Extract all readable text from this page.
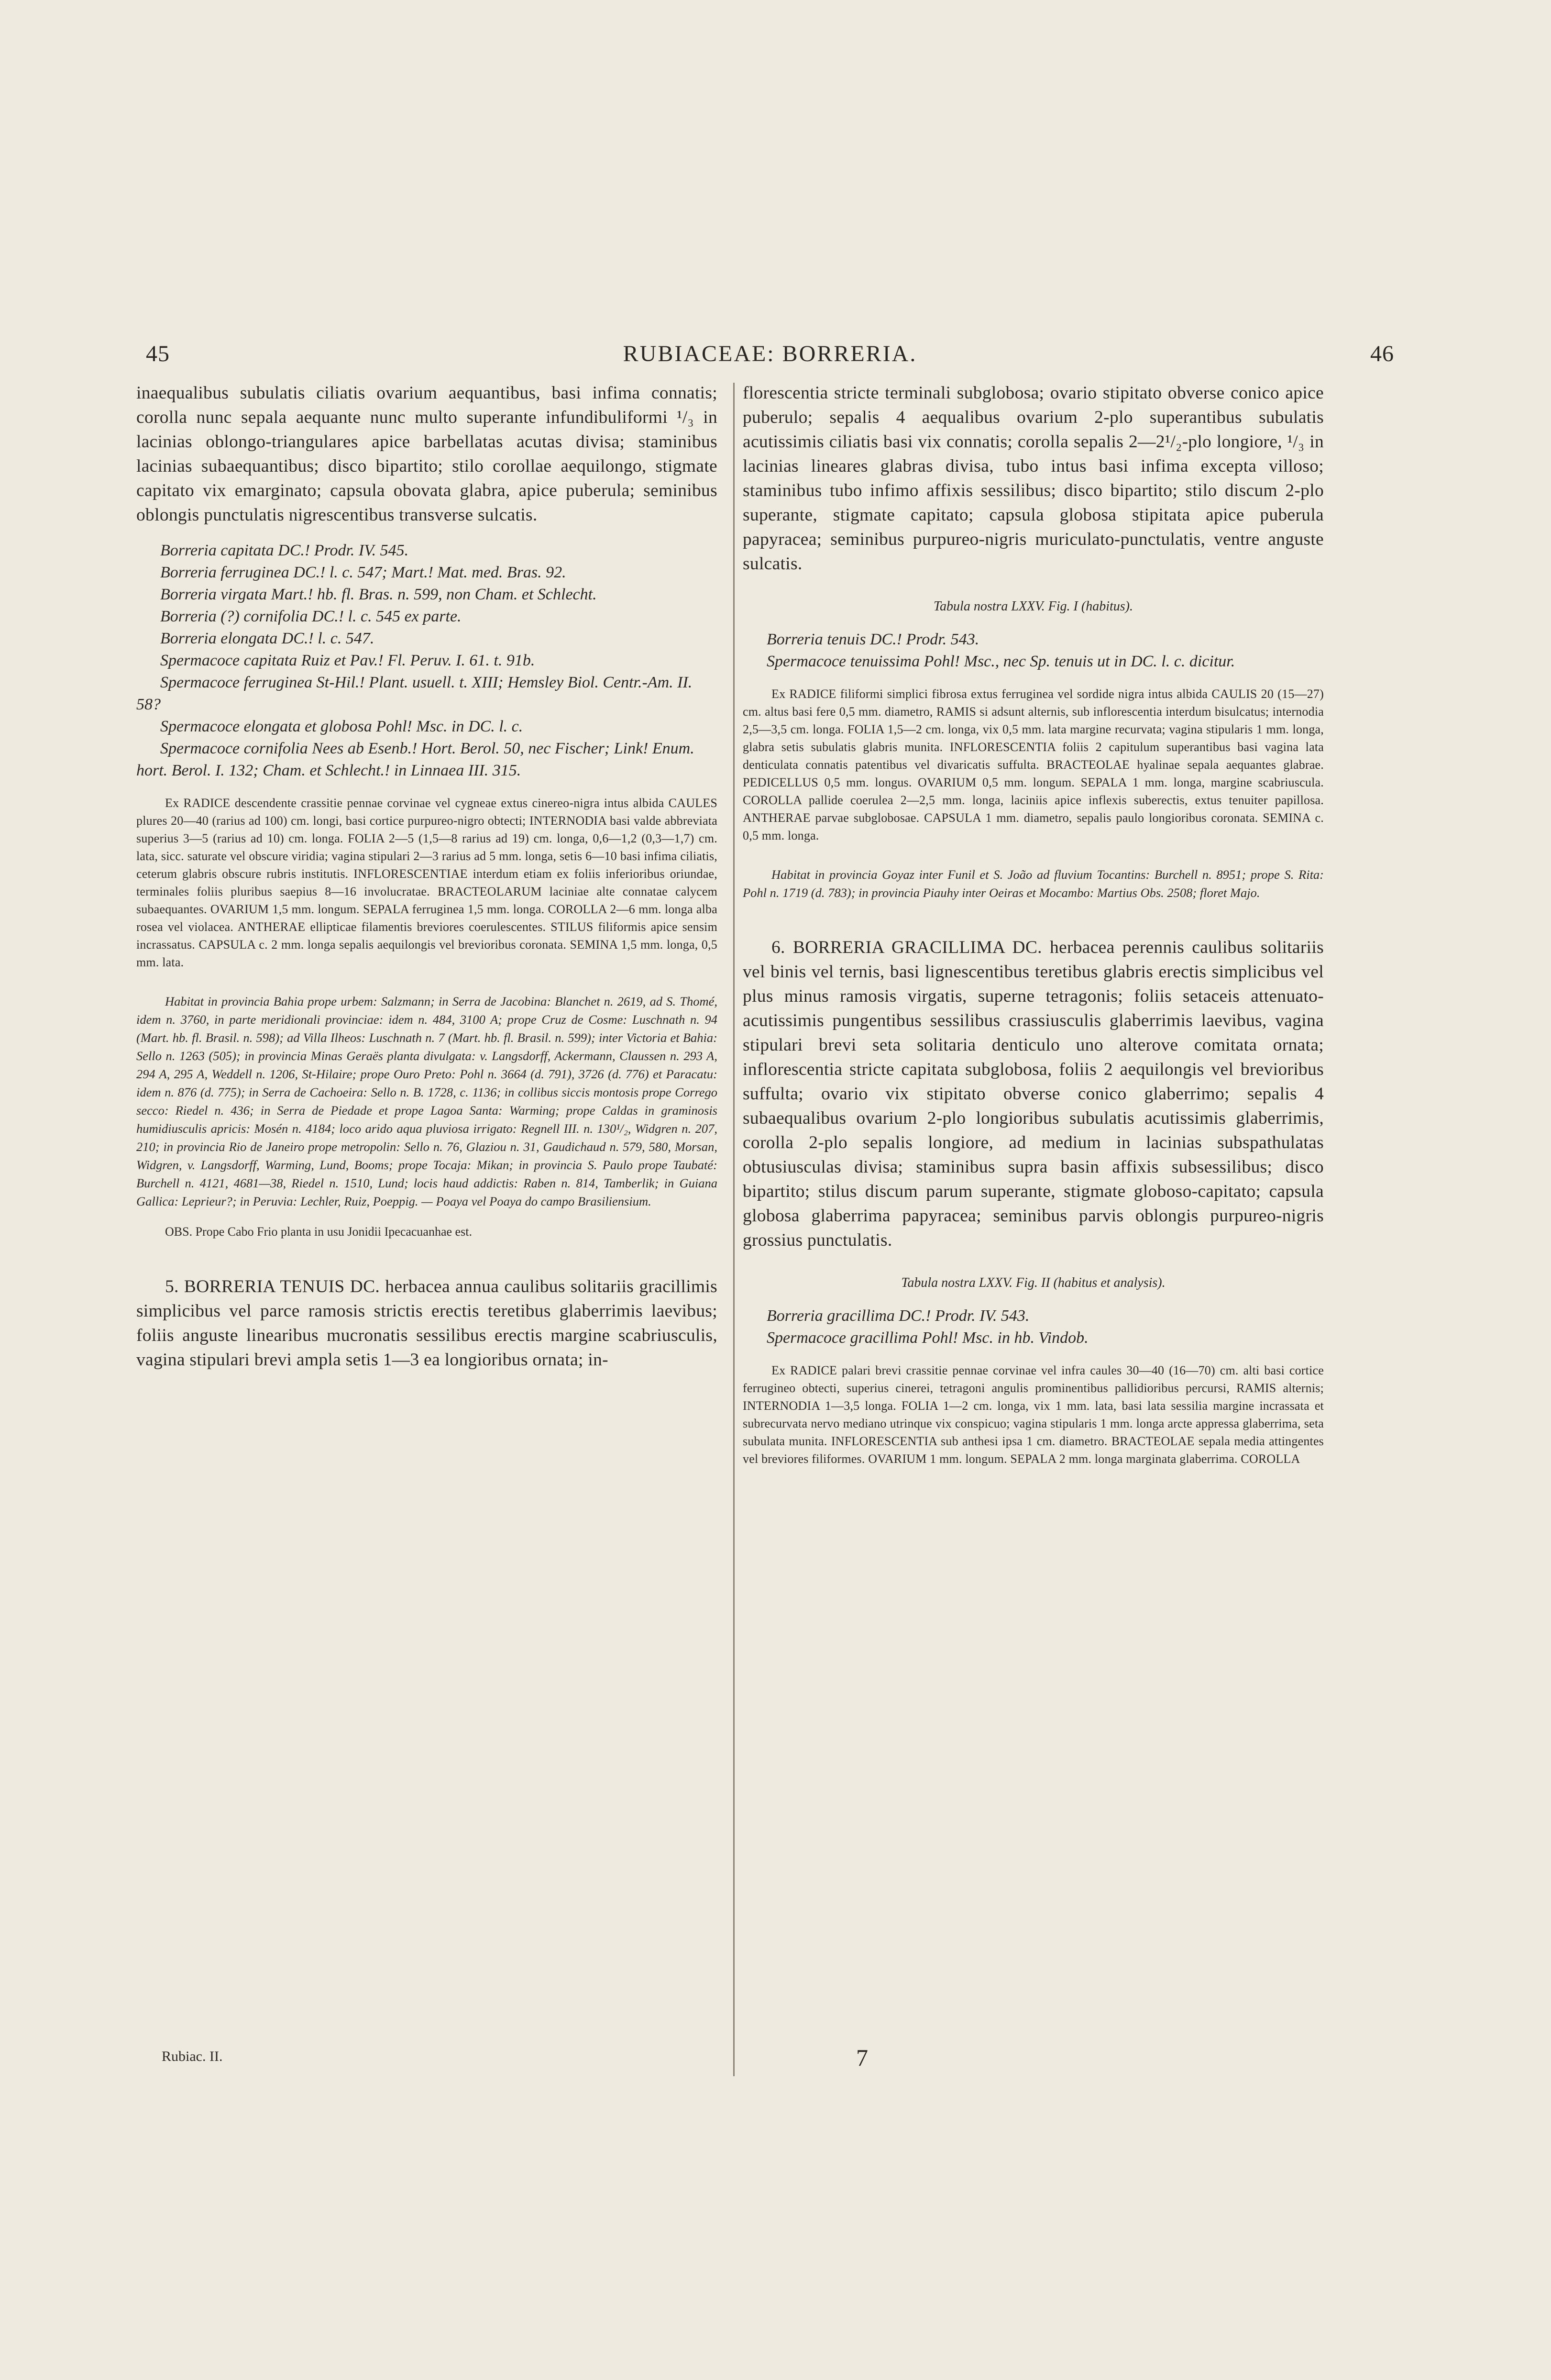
45	RUBIACEAE: BORRERIA.	46

inaequalibus subulatis ciliatis ovarium aequantibus, basi infima connatis; corolla nunc sepala aequante nunc multo superante infundibuliformi ¹/₃ in lacinias oblongo-triangulares apice barbellatas acutas divisa; staminibus lacinias subaequantibus; disco bipartito; stilo corollae aequilongo, stigmate capitato vix emarginato; capsula obovata glabra, apice puberula; seminibus oblongis punctulatis nigrescentibus transverse sulcatis.

Borreria capitata DC.! Prodr. IV. 545.

Borreria ferruginea DC.! l. c. 547; Mart.! Mat. med. Bras. 92.

Borreria virgata Mart.! hb. fl. Bras. n. 599, non Cham. et Schlecht.

Borreria (?) cornifolia DC.! l. c. 545 ex parte.

Borreria elongata DC.! l. c. 547.

Spermacoce capitata Ruiz et Pav.! Fl. Peruv. I. 61. t. 91b.

Spermacoce ferruginea St-Hil.! Plant. usuell. t. XIII; Hemsley Biol. Centr.-Am. II. 58?

Spermacoce elongata et globosa Pohl! Msc. in DC. l. c.

Spermacoce cornifolia Nees ab Esenb.! Hort. Berol. 50, nec Fischer; Link! Enum. hort. Berol. I. 132; Cham. et Schlecht.! in Linnaea III. 315.

Ex RADICE descendente crassitie pennae corvinae vel cygneae extus cinereo-nigra intus albida CAULES plures 20—40 (rarius ad 100) cm. longi, basi cortice purpureo-nigro obtecti; INTERNODIA basi valde abbreviata superius 3—5 (rarius ad 10) cm. longa. FOLIA 2—5 (1,5—8 rarius ad 19) cm. longa, 0,6—1,2 (0,3—1,7) cm. lata, sicc. saturate vel obscure viridia; vagina stipulari 2—3 rarius ad 5 mm. longa, setis 6—10 basi infima ciliatis, ceterum glabris obscure rubris institutis. INFLORESCENTIAE interdum etiam ex foliis inferioribus oriundae, terminales foliis pluribus saepius 8—16 involucratae. BRACTEOLARUM laciniae alte connatae calycem subaequantes. OVARIUM 1,5 mm. longum. SEPALA ferruginea 1,5 mm. longa. COROLLA 2—6 mm. longa alba rosea vel violacea. ANTHERAE ellipticae filamentis breviores coerulescentes. STILUS filiformis apice sensim incrassatus. CAPSULA c. 2 mm. longa sepalis aequilongis vel brevioribus coronata. SEMINA 1,5 mm. longa, 0,5 mm. lata.

Habitat in provincia Bahia prope urbem: Salzmann; in Serra de Jacobina: Blanchet n. 2619, ad S. Thomé, idem n. 3760, in parte meridionali provinciae: idem n. 484, 3100 A; prope Cruz de Cosme: Luschnath n. 94 (Mart. hb. fl. Brasil. n. 598); ad Villa Ilheos: Luschnath n. 7 (Mart. hb. fl. Brasil. n. 599); inter Victoria et Bahia: Sello n. 1263 (505); in provincia Minas Geraës planta divulgata: v. Langsdorff, Ackermann, Claussen n. 293 A, 294 A, 295 A, Weddell n. 1206, St-Hilaire; prope Ouro Preto: Pohl n. 3664 (d. 791), 3726 (d. 776) et Paracatu: idem n. 876 (d. 775); in Serra de Cachoeira: Sello n. B. 1728, c. 1136; in collibus siccis montosis prope Corrego secco: Riedel n. 436; in Serra de Piedade et prope Lagoa Santa: Warming; prope Caldas in graminosis humidiusculis apricis: Mosén n. 4184; loco arido aqua pluviosa irrigato: Regnell III. n. 130¹/₂, Widgren n. 207, 210; in provincia Rio de Janeiro prope metropolin: Sello n. 76, Glaziou n. 31, Gaudichaud n. 579, 580, Morsan, Widgren, v. Langsdorff, Warming, Lund, Booms; prope Tocaja: Mikan; in provincia S. Paulo prope Taubaté: Burchell n. 4121, 4681—38, Riedel n. 1510, Lund; locis haud addictis: Raben n. 814, Tamberlik; in Guiana Gallica: Leprieur?; in Peruvia: Lechler, Ruiz, Poeppig. — Poaya vel Poaya do campo Brasiliensium.

OBS. Prope Cabo Frio planta in usu Jonidii Ipecacuanhae est.

5. BORRERIA TENUIS DC. herbacea annua caulibus solitariis gracillimis simplicibus vel parce ramosis strictis erectis teretibus glaberrimis laevibus; foliis anguste linearibus mucronatis sessilibus erectis margine scabriusculis, vagina stipulari brevi ampla setis 1—3 ea longioribus ornata; in-

Rubiac. II.

florescentia stricte terminali subglobosa; ovario stipitato obverse conico apice puberulo; sepalis 4 aequalibus ovarium 2-plo superantibus subulatis acutissimis ciliatis basi vix connatis; corolla sepalis 2—2¹/₂-plo longiore, ¹/₃ in lacinias lineares glabras divisa, tubo intus basi infima excepta villoso; staminibus tubo infimo affixis sessilibus; disco bipartito; stilo discum 2-plo superante, stigmate capitato; capsula globosa stipitata apice puberula papyracea; seminibus purpureo-nigris muriculato-punctulatis, ventre anguste sulcatis.

Tabula nostra LXXV. Fig. I (habitus).

Borreria tenuis DC.! Prodr. 543.

Spermacoce tenuissima Pohl! Msc., nec Sp. tenuis ut in DC. l. c. dicitur.

Ex RADICE filiformi simplici fibrosa extus ferruginea vel sordide nigra intus albida CAULIS 20 (15—27) cm. altus basi fere 0,5 mm. diametro, RAMIS si adsunt alternis, sub inflorescentia interdum bisulcatus; internodia 2,5—3,5 cm. longa. FOLIA 1,5—2 cm. longa, vix 0,5 mm. lata margine recurvata; vagina stipularis 1 mm. longa, glabra setis subulatis glabris munita. INFLORESCENTIA foliis 2 capitulum superantibus basi vagina lata denticulata connatis patentibus vel divaricatis suffulta. BRACTEOLAE hyalinae sepala aequantes glabrae. PEDICELLUS 0,5 mm. longus. OVARIUM 0,5 mm. longum. SEPALA 1 mm. longa, margine scabriuscula. COROLLA pallide coerulea 2—2,5 mm. longa, laciniis apice inflexis suberectis, extus tenuiter papillosa. ANTHERAE parvae subglobosae. CAPSULA 1 mm. diametro, sepalis paulo longioribus coronata. SEMINA c. 0,5 mm. longa.

Habitat in provincia Goyaz inter Funil et S. João ad fluvium Tocantins: Burchell n. 8951; prope S. Rita: Pohl n. 1719 (d. 783); in provincia Piauhy inter Oeiras et Mocambo: Martius Obs. 2508; floret Majo.

6. BORRERIA GRACILLIMA DC. herbacea perennis caulibus solitariis vel binis vel ternis, basi lignescentibus teretibus glabris erectis simplicibus vel plus minus ramosis virgatis, superne tetragonis; foliis setaceis attenuato-acutissimis pungentibus sessilibus crassiusculis glaberrimis laevibus, vagina stipulari brevi seta solitaria denticulo uno alterove comitata ornata; inflorescentia stricte capitata subglobosa, foliis 2 aequilongis vel brevioribus suffulta; ovario vix stipitato obverse conico glaberrimo; sepalis 4 subaequalibus ovarium 2-plo longioribus subulatis acutissimis glaberrimis, corolla 2-plo sepalis longiore, ad medium in lacinias subspathulatas obtusiusculas divisa; staminibus supra basin affixis subsessilibus; disco bipartito; stilus discum parum superante, stigmate globoso-capitato; capsula globosa glaberrima papyracea; seminibus parvis oblongis purpureo-nigris grossius punctulatis.

Tabula nostra LXXV. Fig. II (habitus et analysis).

Borreria gracillima DC.! Prodr. IV. 543.

Spermacoce gracillima Pohl! Msc. in hb. Vindob.

Ex RADICE palari brevi crassitie pennae corvinae vel infra caules 30—40 (16—70) cm. alti basi cortice ferrugineo obtecti, superius cinerei, tetragoni angulis prominentibus pallidioribus percursi, RAMIS alternis; INTERNODIA 1—3,5 longa. FOLIA 1—2 cm. longa, vix 1 mm. lata, basi lata sessilia margine incrassata et subrecurvata nervo mediano utrinque vix conspicuo; vagina stipularis 1 mm. longa arcte appressa glaberrima, seta subulata munita. INFLORESCENTIA sub anthesi ipsa 1 cm. diametro. BRACTEOLAE sepala media attingentes vel breviores filiformes. OVARIUM 1 mm. longum. SEPALA 2 mm. longa marginata glaberrima. COROLLA

7
